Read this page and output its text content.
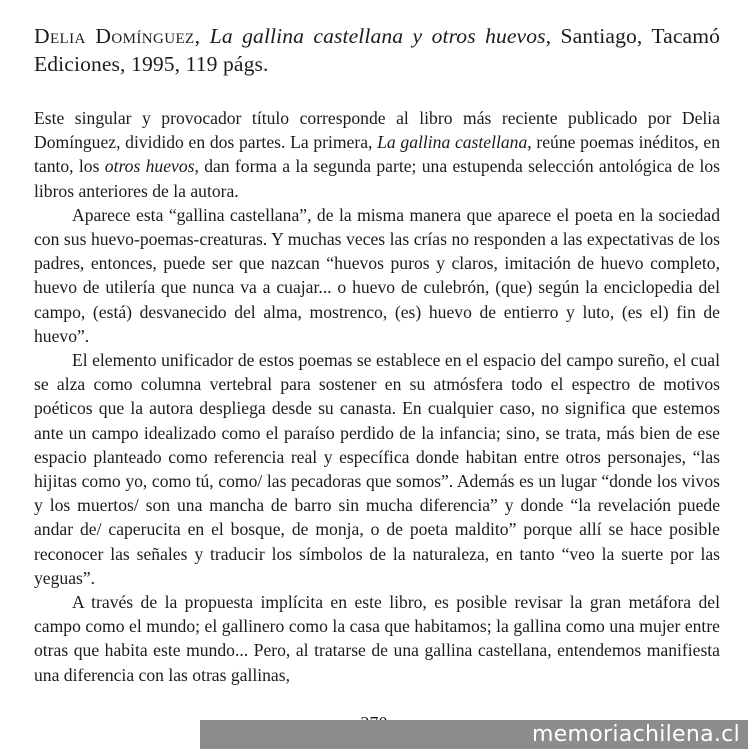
Delia Domínguez, La gallina castellana y otros huevos, Santiago, Tacamó Ediciones, 1995, 119 págs.

Este singular y provocador título corresponde al libro más reciente publicado por Delia Domínguez, dividido en dos partes. La primera, La gallina castellana, reúne poemas inéditos, en tanto, los otros huevos, dan forma a la segunda parte; una estupenda selección antológica de los libros anteriores de la autora.

Aparece esta “gallina castellana”, de la misma manera que aparece el poeta en la sociedad con sus huevo-poemas-creaturas. Y muchas veces las crías no responden a las expectativas de los padres, entonces, puede ser que nazcan “huevos puros y claros, imitación de huevo completo, huevo de utilería que nunca va a cuajar... o huevo de culebrón, (que) según la enciclopedia del campo, (está) desvanecido del alma, mostrenco, (es) huevo de entierro y luto, (es el) fin de huevo”.

El elemento unificador de estos poemas se establece en el espacio del campo sureño, el cual se alza como columna vertebral para sostener en su atmósfera todo el espectro de motivos poéticos que la autora despliega desde su canasta. En cualquier caso, no significa que estemos ante un campo idealizado como el paraíso perdido de la infancia; sino, se trata, más bien de ese espacio planteado como referencia real y específica donde habitan entre otros personajes, “las hijitas como yo, como tú, como/ las pecadoras que somos”. Además es un lugar “donde los vivos y los muertos/ son una mancha de barro sin mucha diferencia” y donde “la revelación puede andar de/ caperucita en el bosque, de monja, o de poeta maldito” porque allí se hace posible reconocer las señales y traducir los símbolos de la naturaleza, en tanto “veo la suerte por las yeguas”.

A través de la propuesta implícita en este libro, es posible revisar la gran metáfora del campo como el mundo; el gallinero como la casa que habitamos; la gallina como una mujer entre otras que habita este mundo... Pero, al tratarse de una gallina castellana, entendemos manifiesta una diferencia con las otras gallinas,

memoriachilena.cl
